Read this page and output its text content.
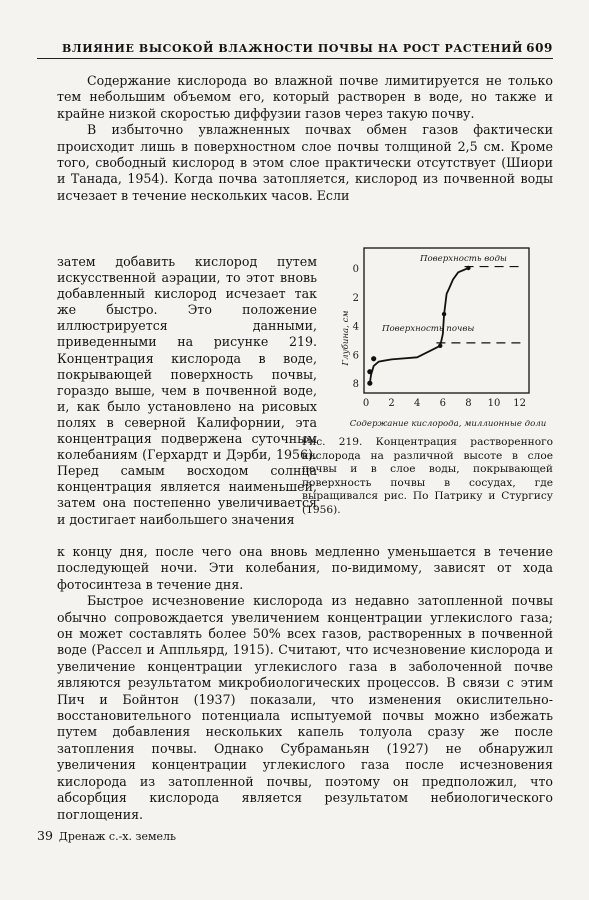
ВЛИЯНИЕ ВЫСОКОЙ ВЛАЖНОСТИ ПОЧВЫ НА РОСТ РАСТЕНИЙ 609

Содержание кислорода во влажной почве лимитируется не только тем небольшим объемом его, который растворен в воде, но также и крайне низкой скоростью диффузии газов через такую почву.

В избыточно увлажненных почвах обмен газов фактически происходит лишь в поверхностном слое почвы толщиной 2,5 см. Кроме того, свободный кислород в этом слое практически отсутствует (Шиори и Танада, 1954). Когда почва затопляется, кислород из почвенной воды исчезает в течение нескольких часов. Если

затем добавить кислород путем искусственной аэрации, то этот вновь добавленный кислород исчезает так же быстро. Это положение иллюстрируется данными, приведенными на рисунке 219. Концентрация кислорода в воде, покрывающей поверхность почвы, гораздо выше, чем в почвенной воде, и, как было установлено на рисовых полях в северной Калифорнии, эта концентрация подвержена суточным колебаниям (Герхардт и Дэрби, 1956). Перед самым восходом солнца концентрация является наименьшей, затем она постепенно увеличивается и достигает наибольшего значения

Глубина, см
Содержание кислорода, миллионные доли
0 2 4 6 8 10 12
0
2
4
6
8
Поверхность воды
Поверхность почвы
Рис. 219. Концентрация растворенного кислорода на различной высоте в слое почвы и в слое воды, покрывающей поверхность почвы в сосудах, где выращивался рис. По Патрику и Стургису (1956).

к концу дня, после чего она вновь медленно уменьшается в течение последующей ночи. Эти колебания, по-видимому, зависят от хода фотосинтеза в течение дня.

Быстрое исчезновение кислорода из недавно затопленной почвы обычно сопровождается увеличением концентрации углекислого газа; он может составлять более 50% всех газов, растворенных в почвенной воде (Рассел и Аппльярд, 1915). Считают, что исчезновение кислорода и увеличение концентрации углекислого газа в заболоченной почве являются результатом микробиологических процессов. В связи с этим Пич и Бойнтон (1937) показали, что изменения окислительно-восстановительного потенциала испытуемой почвы можно избежать путем добавления нескольких капель толуола сразу же после затопления почвы. Однако Субраманьян (1927) не обнаружил увеличения концентрации углекислого газа после исчезновения кислорода из затопленной почвы, поэтому он предположил, что абсорбция кислорода является результатом небиологического поглощения.

39 Дренаж с.-х. земель
